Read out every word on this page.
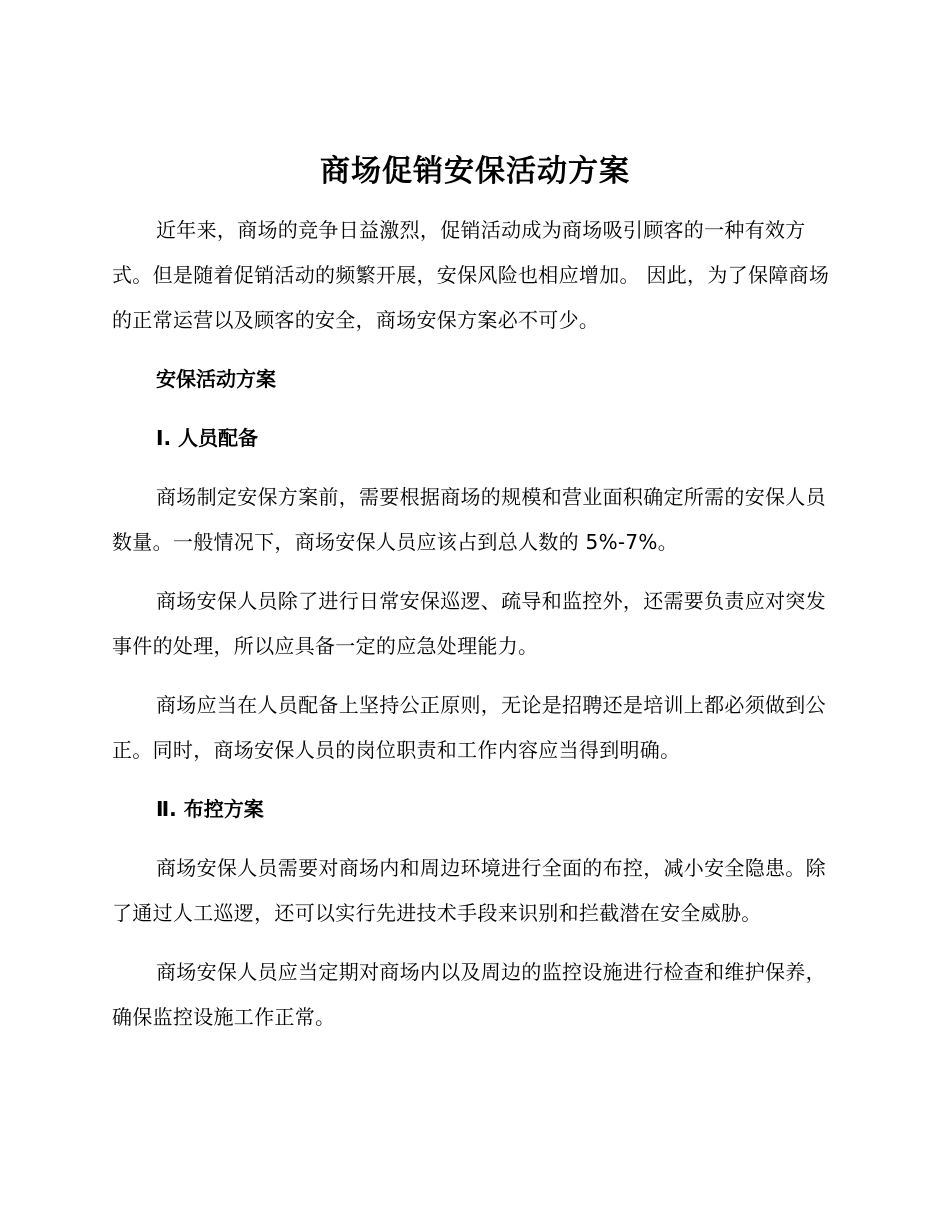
商场促销安保活动方案

近年来，商场的竞争日益激烈，促销活动成为商场吸引顾客的一种有效方式。但是随着促销活动的频繁开展，安保风险也相应增加。 因此，为了保障商场的正常运营以及顾客的安全，商场安保方案必不可少。

安保活动方案
Ⅰ. 人员配备

商场制定安保方案前，需要根据商场的规模和营业面积确定所需的安保人员数量。一般情况下，商场安保人员应该占到总人数的 5%-7%。

商场安保人员除了进行日常安保巡逻、疏导和监控外，还需要负责应对突发事件的处理，所以应具备一定的应急处理能力。

商场应当在人员配备上坚持公正原则，无论是招聘还是培训上都必须做到公正。同时，商场安保人员的岗位职责和工作内容应当得到明确。

Ⅱ. 布控方案

商场安保人员需要对商场内和周边环境进行全面的布控，减小安全隐患。除了通过人工巡逻，还可以实行先进技术手段来识别和拦截潜在安全威胁。

商场安保人员应当定期对商场内以及周边的监控设施进行检查和维护保养，确保监控设施工作正常。
